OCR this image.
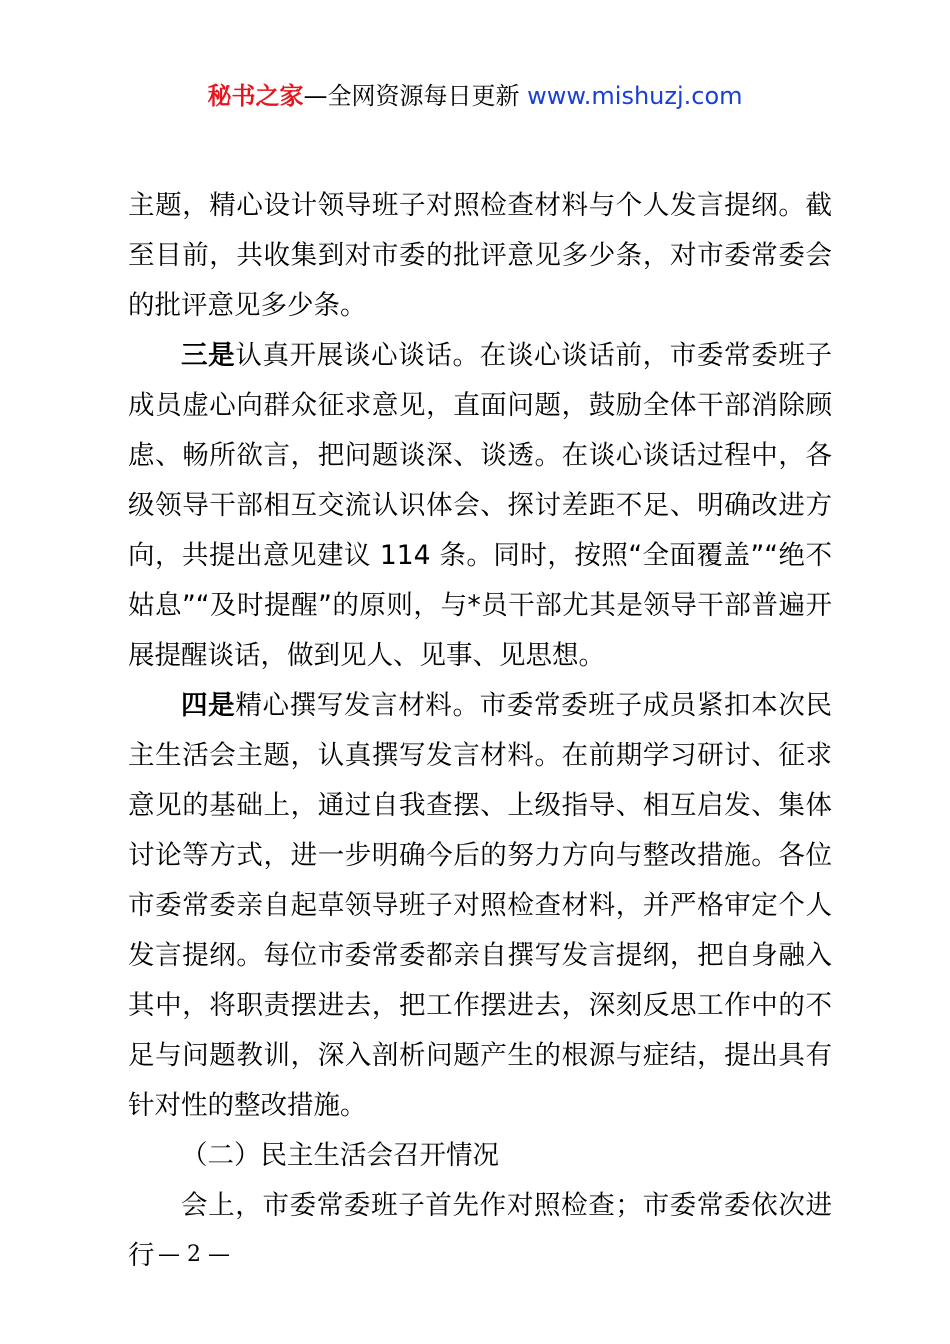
秘书之家—全网资源每日更新 www.mishuzj.com

主题，精心设计领导班子对照检查材料与个人发言提纲。截至目前，共收集到对市委的批评意见多少条，对市委常委会的批评意见多少条。

三是认真开展谈心谈话。在谈心谈话前，市委常委班子成员虚心向群众征求意见，直面问题，鼓励全体干部消除顾虑、畅所欲言，把问题谈深、谈透。在谈心谈话过程中，各级领导干部相互交流认识体会、探讨差距不足、明确改进方向，共提出意见建议 114 条。同时，按照“全面覆盖”“绝不姑息”“及时提醒”的原则，与*员干部尤其是领导干部普遍开展提醒谈话，做到见人、见事、见思想。

四是精心撰写发言材料。市委常委班子成员紧扣本次民主生活会主题，认真撰写发言材料。在前期学习研讨、征求意见的基础上，通过自我查摆、上级指导、相互启发、集体讨论等方式，进一步明确今后的努力方向与整改措施。各位市委常委亲自起草领导班子对照检查材料，并严格审定个人发言提纲。每位市委常委都亲自撰写发言提纲，把自身融入其中，将职责摆进去，把工作摆进去，深刻反思工作中的不足与问题教训，深入剖析问题产生的根源与症结，提出具有针对性的整改措施。

（二）民主生活会召开情况

会上，市委常委班子首先作对照检查；市委常委依次进行 — 2 —
